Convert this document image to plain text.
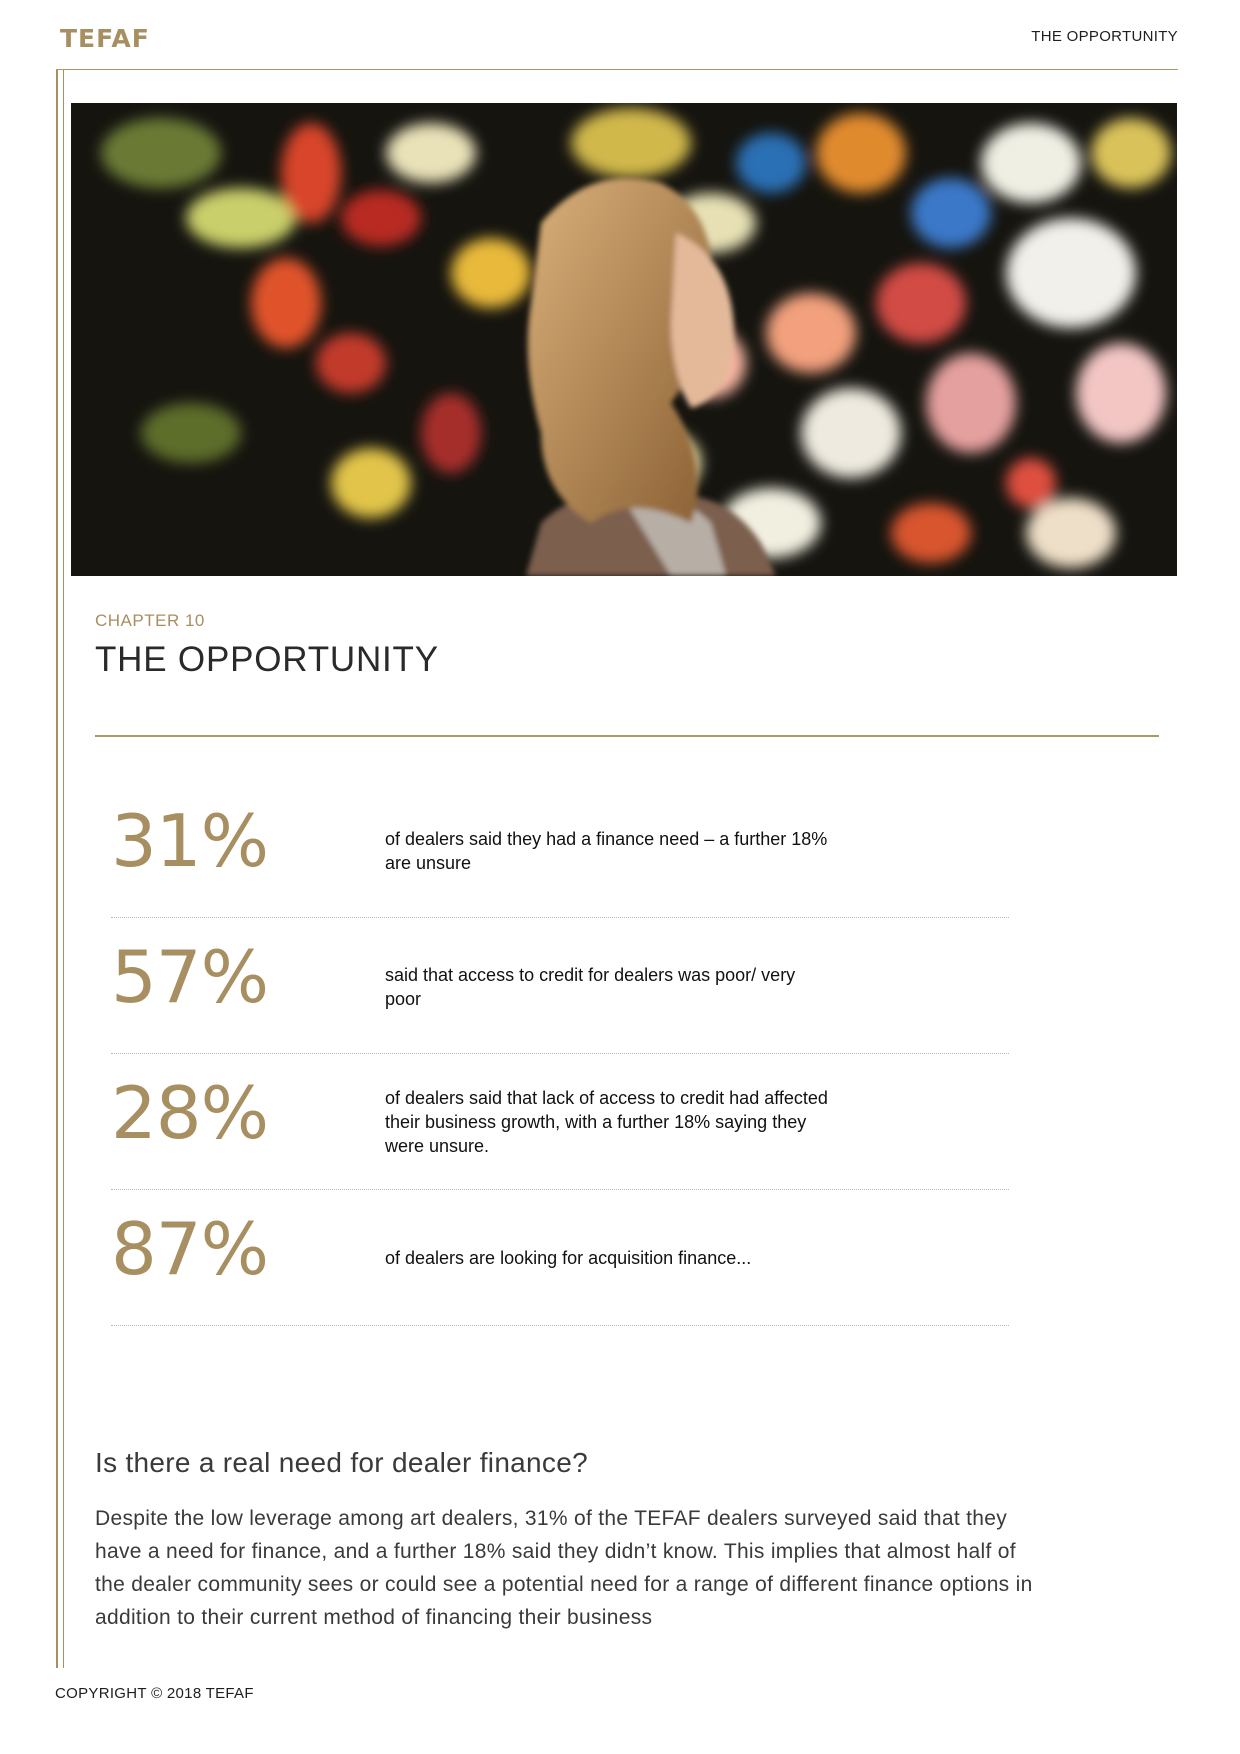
TEFAF	THE OPPORTUNITY
CHAPTER 10
THE OPPORTUNITY
31%	of dealers said they had a finance need – a further 18% are unsure
57%	said that access to credit for dealers was poor/ very poor
28%	of dealers said that lack of access to credit had affected their business growth, with a further 18% saying they were unsure.
87%	of dealers are looking for acquisition finance...
Is there a real need for dealer finance?
Despite the low leverage among art dealers, 31% of the TEFAF dealers surveyed said that they have a need for finance, and a further 18% said they didn’t know. This implies that almost half of the dealer community sees or could see a potential need for a range of different finance options in addition to their current method of financing their business
COPYRIGHT © 2018 TEFAF
